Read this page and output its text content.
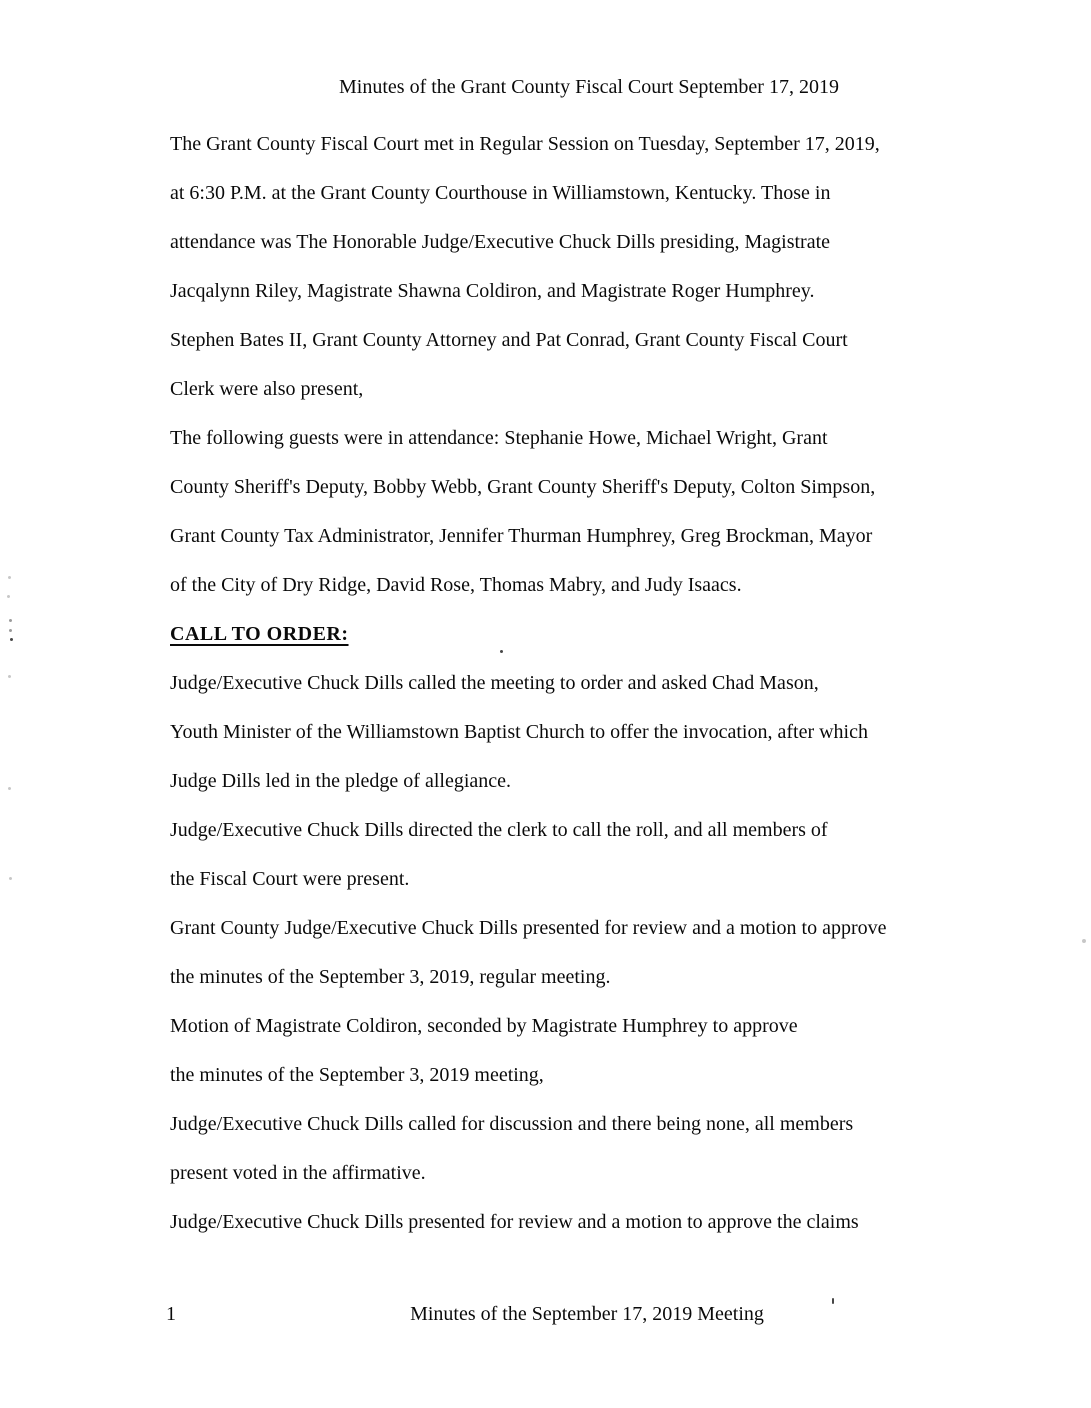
Minutes of the Grant County Fiscal Court September 17, 2019

The Grant County Fiscal Court met in Regular Session on Tuesday, September 17, 2019,

at 6:30 P.M. at the Grant County Courthouse in Williamstown, Kentucky. Those in

attendance was The Honorable Judge/Executive Chuck Dills presiding, Magistrate

Jacqalynn Riley, Magistrate Shawna Coldiron, and Magistrate Roger Humphrey.

Stephen Bates II, Grant County Attorney and Pat Conrad, Grant County Fiscal Court

Clerk were also present,

The following guests were in attendance: Stephanie Howe, Michael Wright, Grant

County Sheriff's Deputy, Bobby Webb, Grant County Sheriff's Deputy, Colton Simpson,

Grant County Tax Administrator, Jennifer Thurman Humphrey, Greg Brockman, Mayor

of the City of Dry Ridge, David Rose, Thomas Mabry, and Judy Isaacs.

CALL TO ORDER:

Judge/Executive Chuck Dills called the meeting to order and asked Chad Mason,

Youth Minister of the Williamstown Baptist Church to offer the invocation, after which

Judge Dills led in the pledge of allegiance.

Judge/Executive Chuck Dills directed the clerk to call the roll, and all members of

the Fiscal Court were present.

Grant County Judge/Executive Chuck Dills presented for review and a motion to approve

the minutes of the September 3, 2019, regular meeting.

Motion of Magistrate Coldiron, seconded by Magistrate Humphrey to approve

the minutes of the September 3, 2019 meeting,

Judge/Executive Chuck Dills called for discussion and there being none, all members

present voted in the affirmative.

Judge/Executive Chuck Dills presented for review and a motion to approve the claims

1	Minutes of the September 17, 2019 Meeting
